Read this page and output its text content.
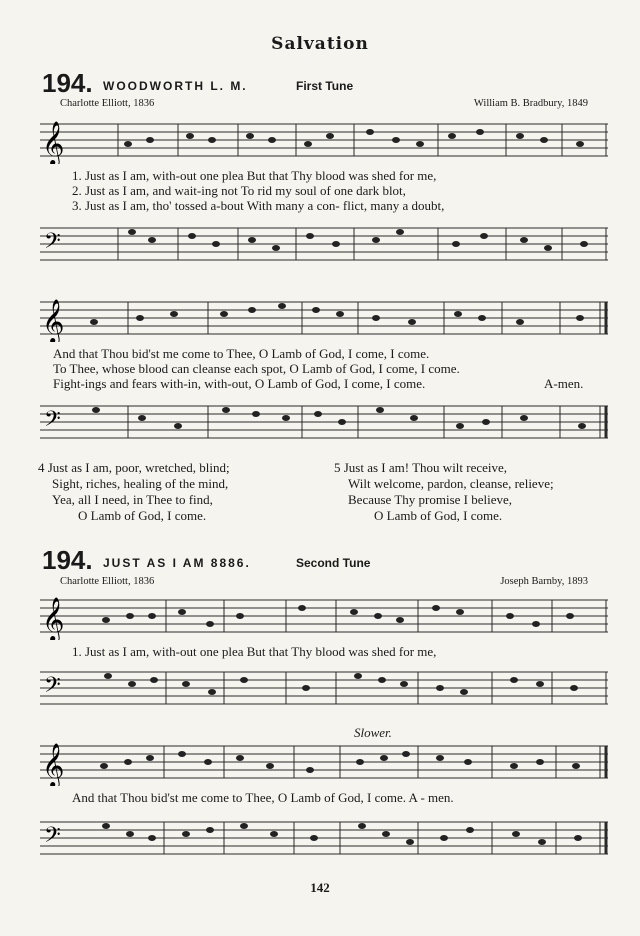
Salvation
194. WOODWORTH L. M.	First Tune
Charlotte Elliott, 1836	William B. Bradbury, 1849
𝄞
1. Just as I am, with-out one plea But that Thy blood was shed for me,
2. Just as I am, and wait-ing not To rid my soul of one dark blot,
3. Just as I am, tho' tossed a-bout With many a con- flict, many a doubt,
𝄢
𝄞
And that Thou bid'st me come to Thee, O Lamb of God, I come, I come.
To Thee, whose blood can cleanse each spot, O Lamb of God, I come, I come.
Fight-ings and fears with-in, with-out, O Lamb of God, I come, I come.	A-men.
𝄢
4 Just as I am, poor, wretched, blind;
Sight, riches, healing of the mind,
Yea, all I need, in Thee to find,
O Lamb of God, I come.
5 Just as I am! Thou wilt receive,
Wilt welcome, pardon, cleanse, relieve;
Because Thy promise I believe,
O Lamb of God, I come.
194. JUST AS I AM 8886.	Second Tune
Charlotte Elliott, 1836	Joseph Barnby, 1893
𝄞
1. Just as I am, with-out one plea But that Thy blood was shed for me,
𝄢
Slower.
𝄞
And that Thou bid'st me come to Thee, O Lamb of God, I come. A - men.
𝄢
142
